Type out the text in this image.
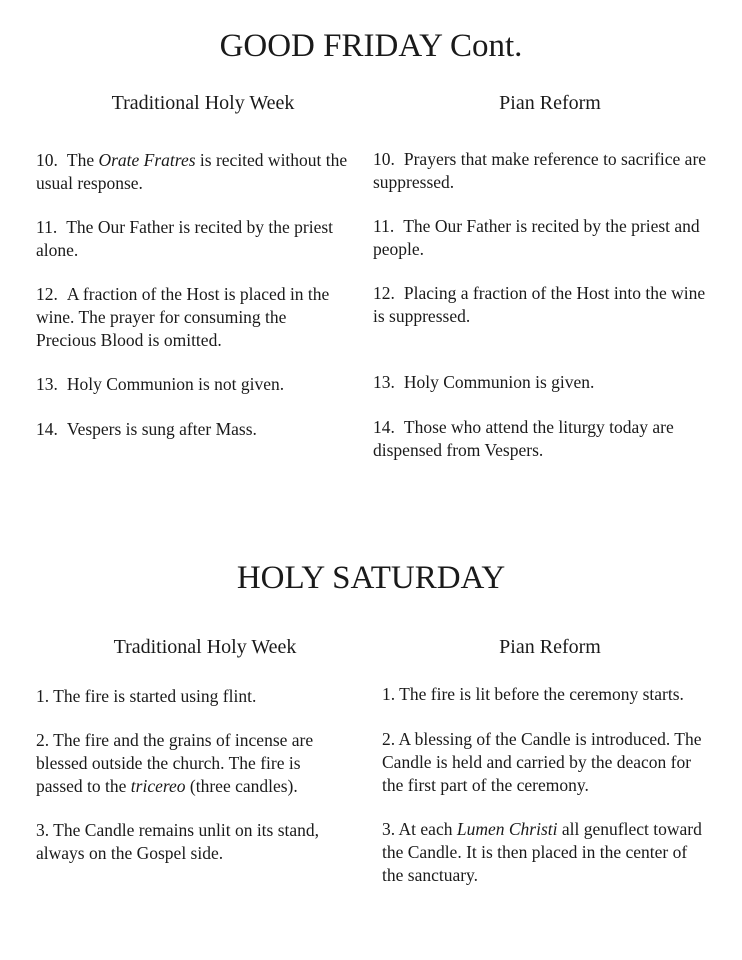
GOOD FRIDAY Cont.
Traditional Holy Week	Pian Reform
10. The Orate Fratres is recited without the usual response.
11. The Our Father is recited by the priest alone.
12. A fraction of the Host is placed in the wine. The prayer for consuming the Precious Blood is omitted.
13. Holy Communion is not given.
14. Vespers is sung after Mass.
10. Prayers that make reference to sacrifice are suppressed.
11. The Our Father is recited by the priest and people.
12. Placing a fraction of the Host into the wine is suppressed.
13. Holy Communion is given.
14. Those who attend the liturgy today are dispensed from Vespers.
HOLY SATURDAY
Traditional Holy Week	Pian Reform
1. The fire is started using flint.
2. The fire and the grains of incense are blessed outside the church. The fire is passed to the tricereo (three candles).
3. The Candle remains unlit on its stand, always on the Gospel side.
1. The fire is lit before the ceremony starts.
2. A blessing of the Candle is introduced. The Candle is held and carried by the deacon for the first part of the ceremony.
3. At each Lumen Christi all genuflect toward the Candle. It is then placed in the center of the sanctuary.
